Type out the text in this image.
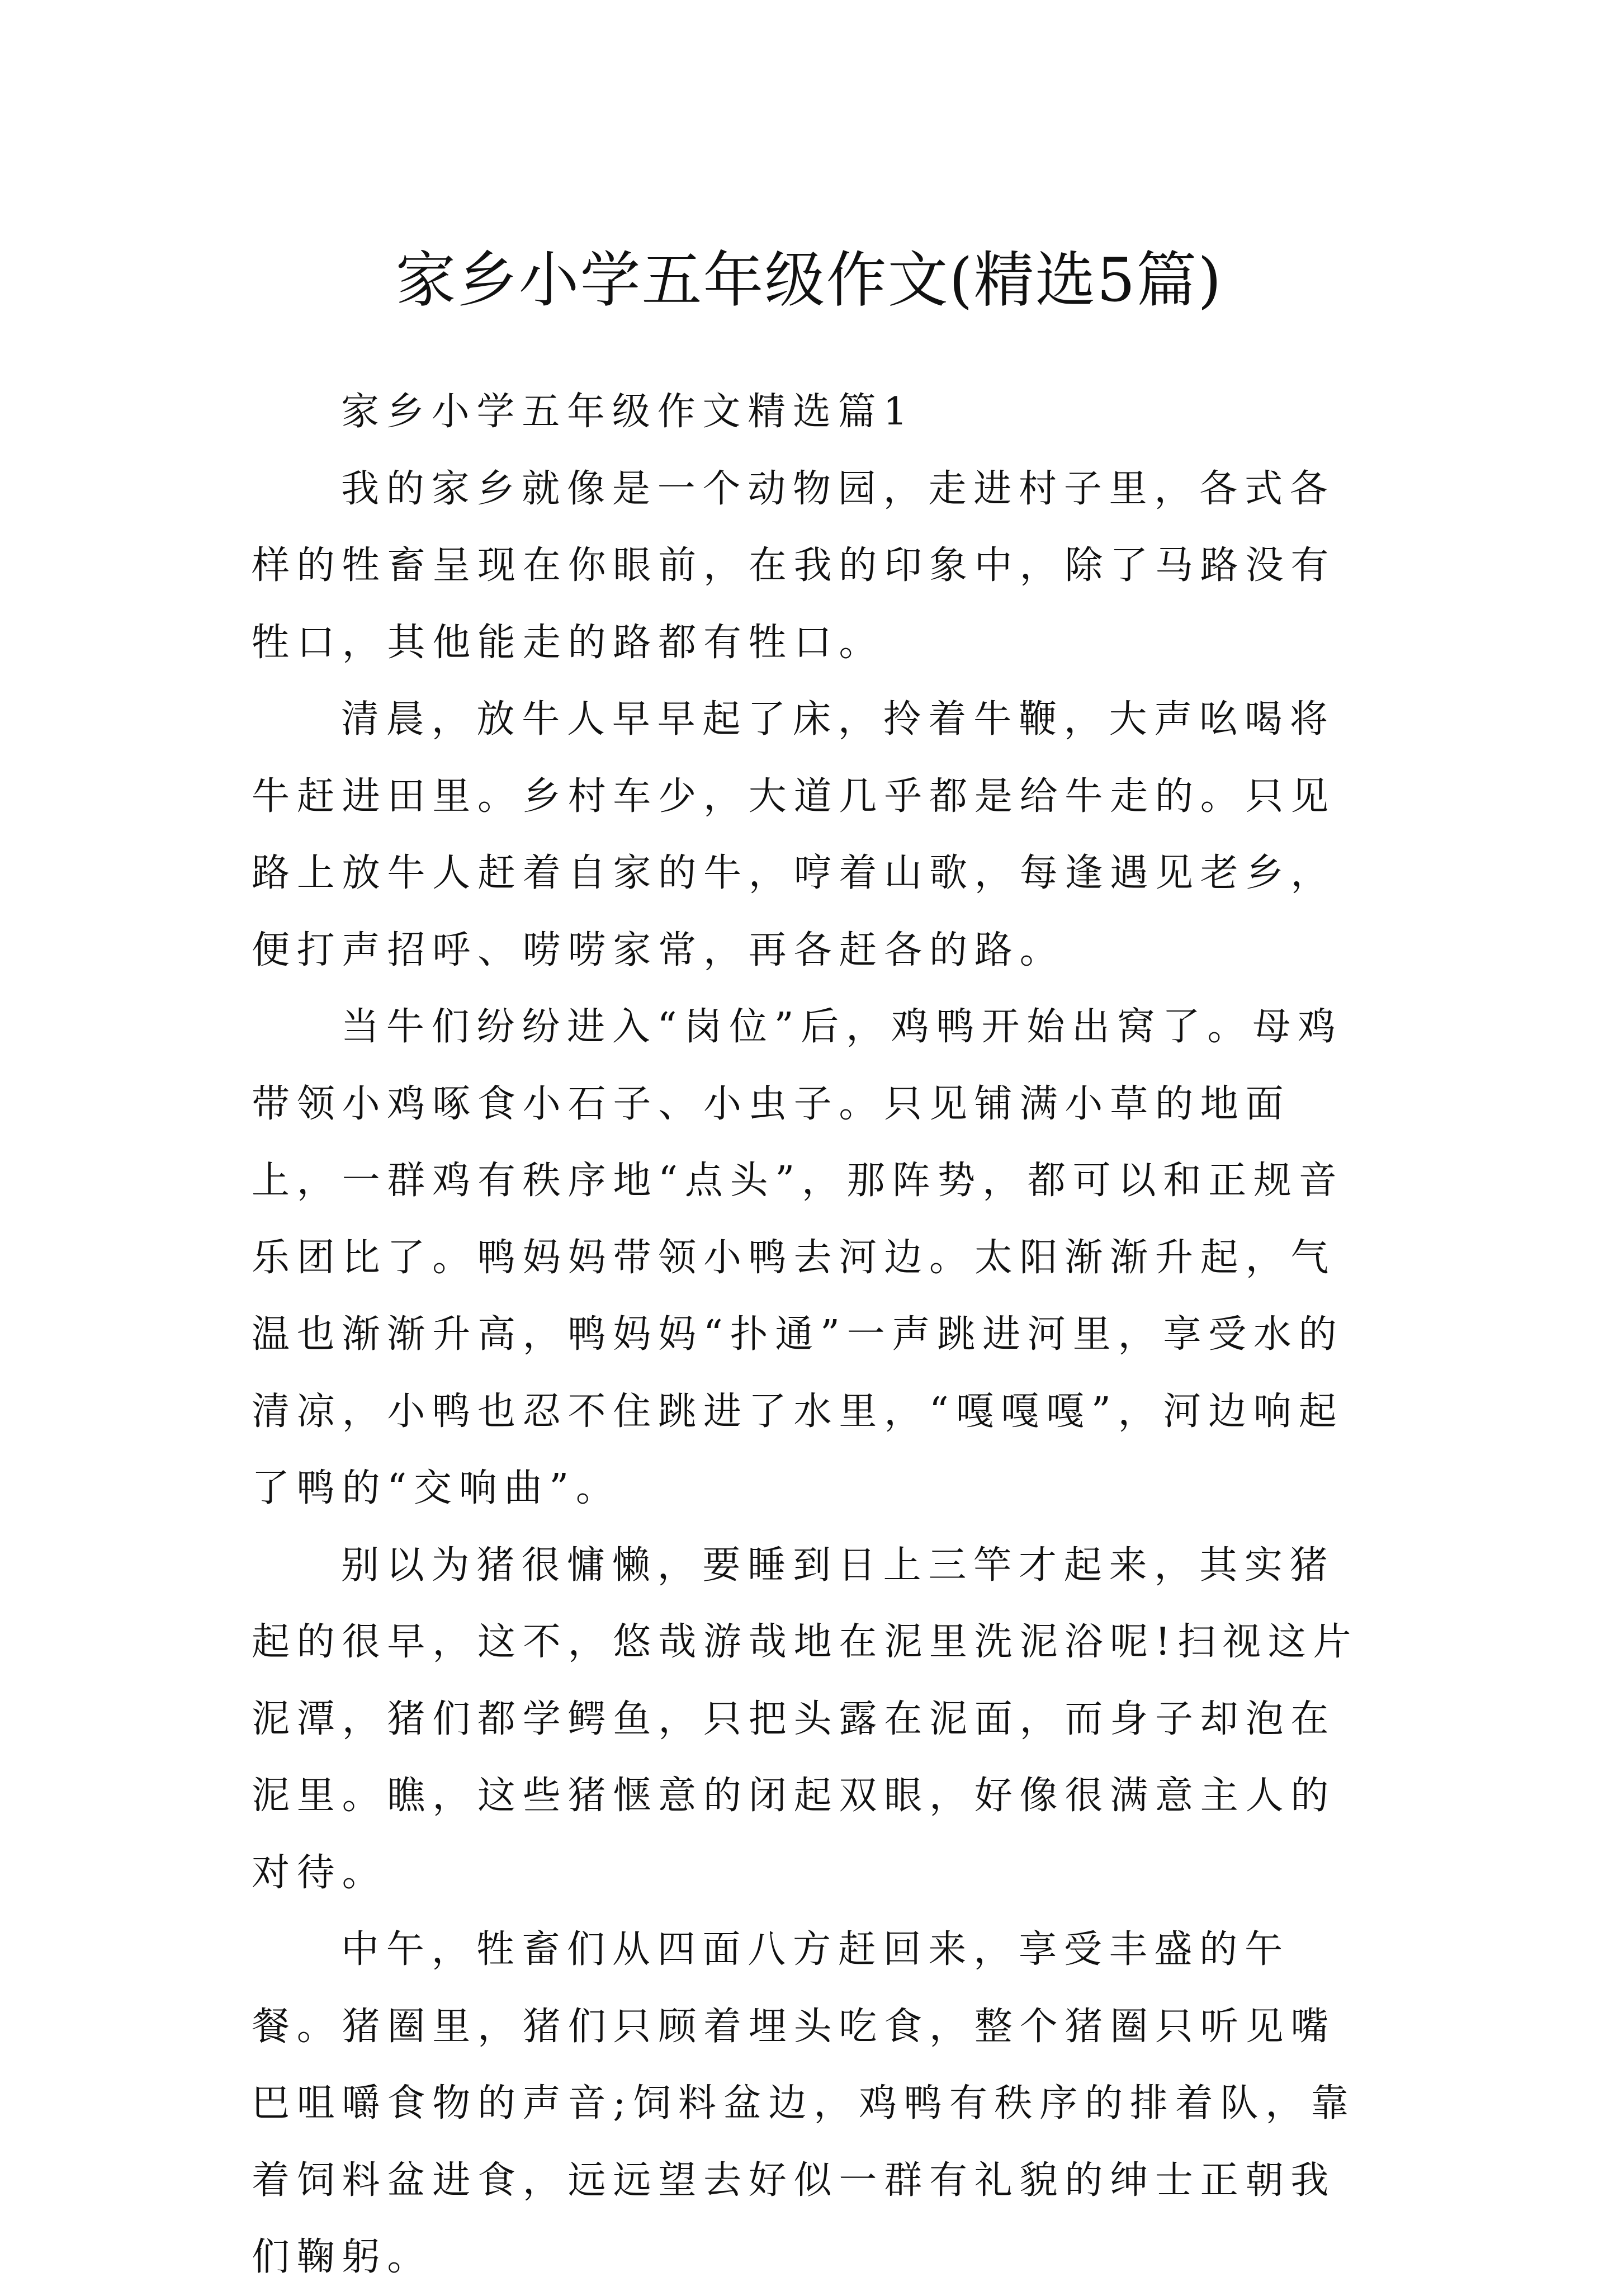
家乡小学五年级作文(精选5篇)

家乡小学五年级作文精选篇1

我的家乡就像是一个动物园，走进村子里，各式各样的牲畜呈现在你眼前，在我的印象中，除了马路没有牲口，其他能走的路都有牲口。

清晨，放牛人早早起了床，拎着牛鞭，大声吆喝将牛赶进田里。乡村车少，大道几乎都是给牛走的。只见路上放牛人赶着自家的牛，哼着山歌，每逢遇见老乡，便打声招呼、唠唠家常，再各赶各的路。

当牛们纷纷进入“岗位”后，鸡鸭开始出窝了。母鸡带领小鸡啄食小石子、小虫子。只见铺满小草的地面上，一群鸡有秩序地“点头”，那阵势，都可以和正规音乐团比了。鸭妈妈带领小鸭去河边。太阳渐渐升起，气温也渐渐升高，鸭妈妈“扑通”一声跳进河里，享受水的清凉，小鸭也忍不住跳进了水里，“嘎嘎嘎”，河边响起了鸭的“交响曲”。

别以为猪很慵懒，要睡到日上三竿才起来，其实猪起的很早，这不，悠哉游哉地在泥里洗泥浴呢!扫视这片泥潭，猪们都学鳄鱼，只把头露在泥面，而身子却泡在泥里。瞧，这些猪惬意的闭起双眼，好像很满意主人的对待。

中午，牲畜们从四面八方赶回来，享受丰盛的午餐。猪圈里，猪们只顾着埋头吃食，整个猪圈只听见嘴巴咀嚼食物的声音;饲料盆边，鸡鸭有秩序的排着队，靠着饲料盆进食，远远望去好似一群有礼貌的绅士正朝我们鞠躬。
